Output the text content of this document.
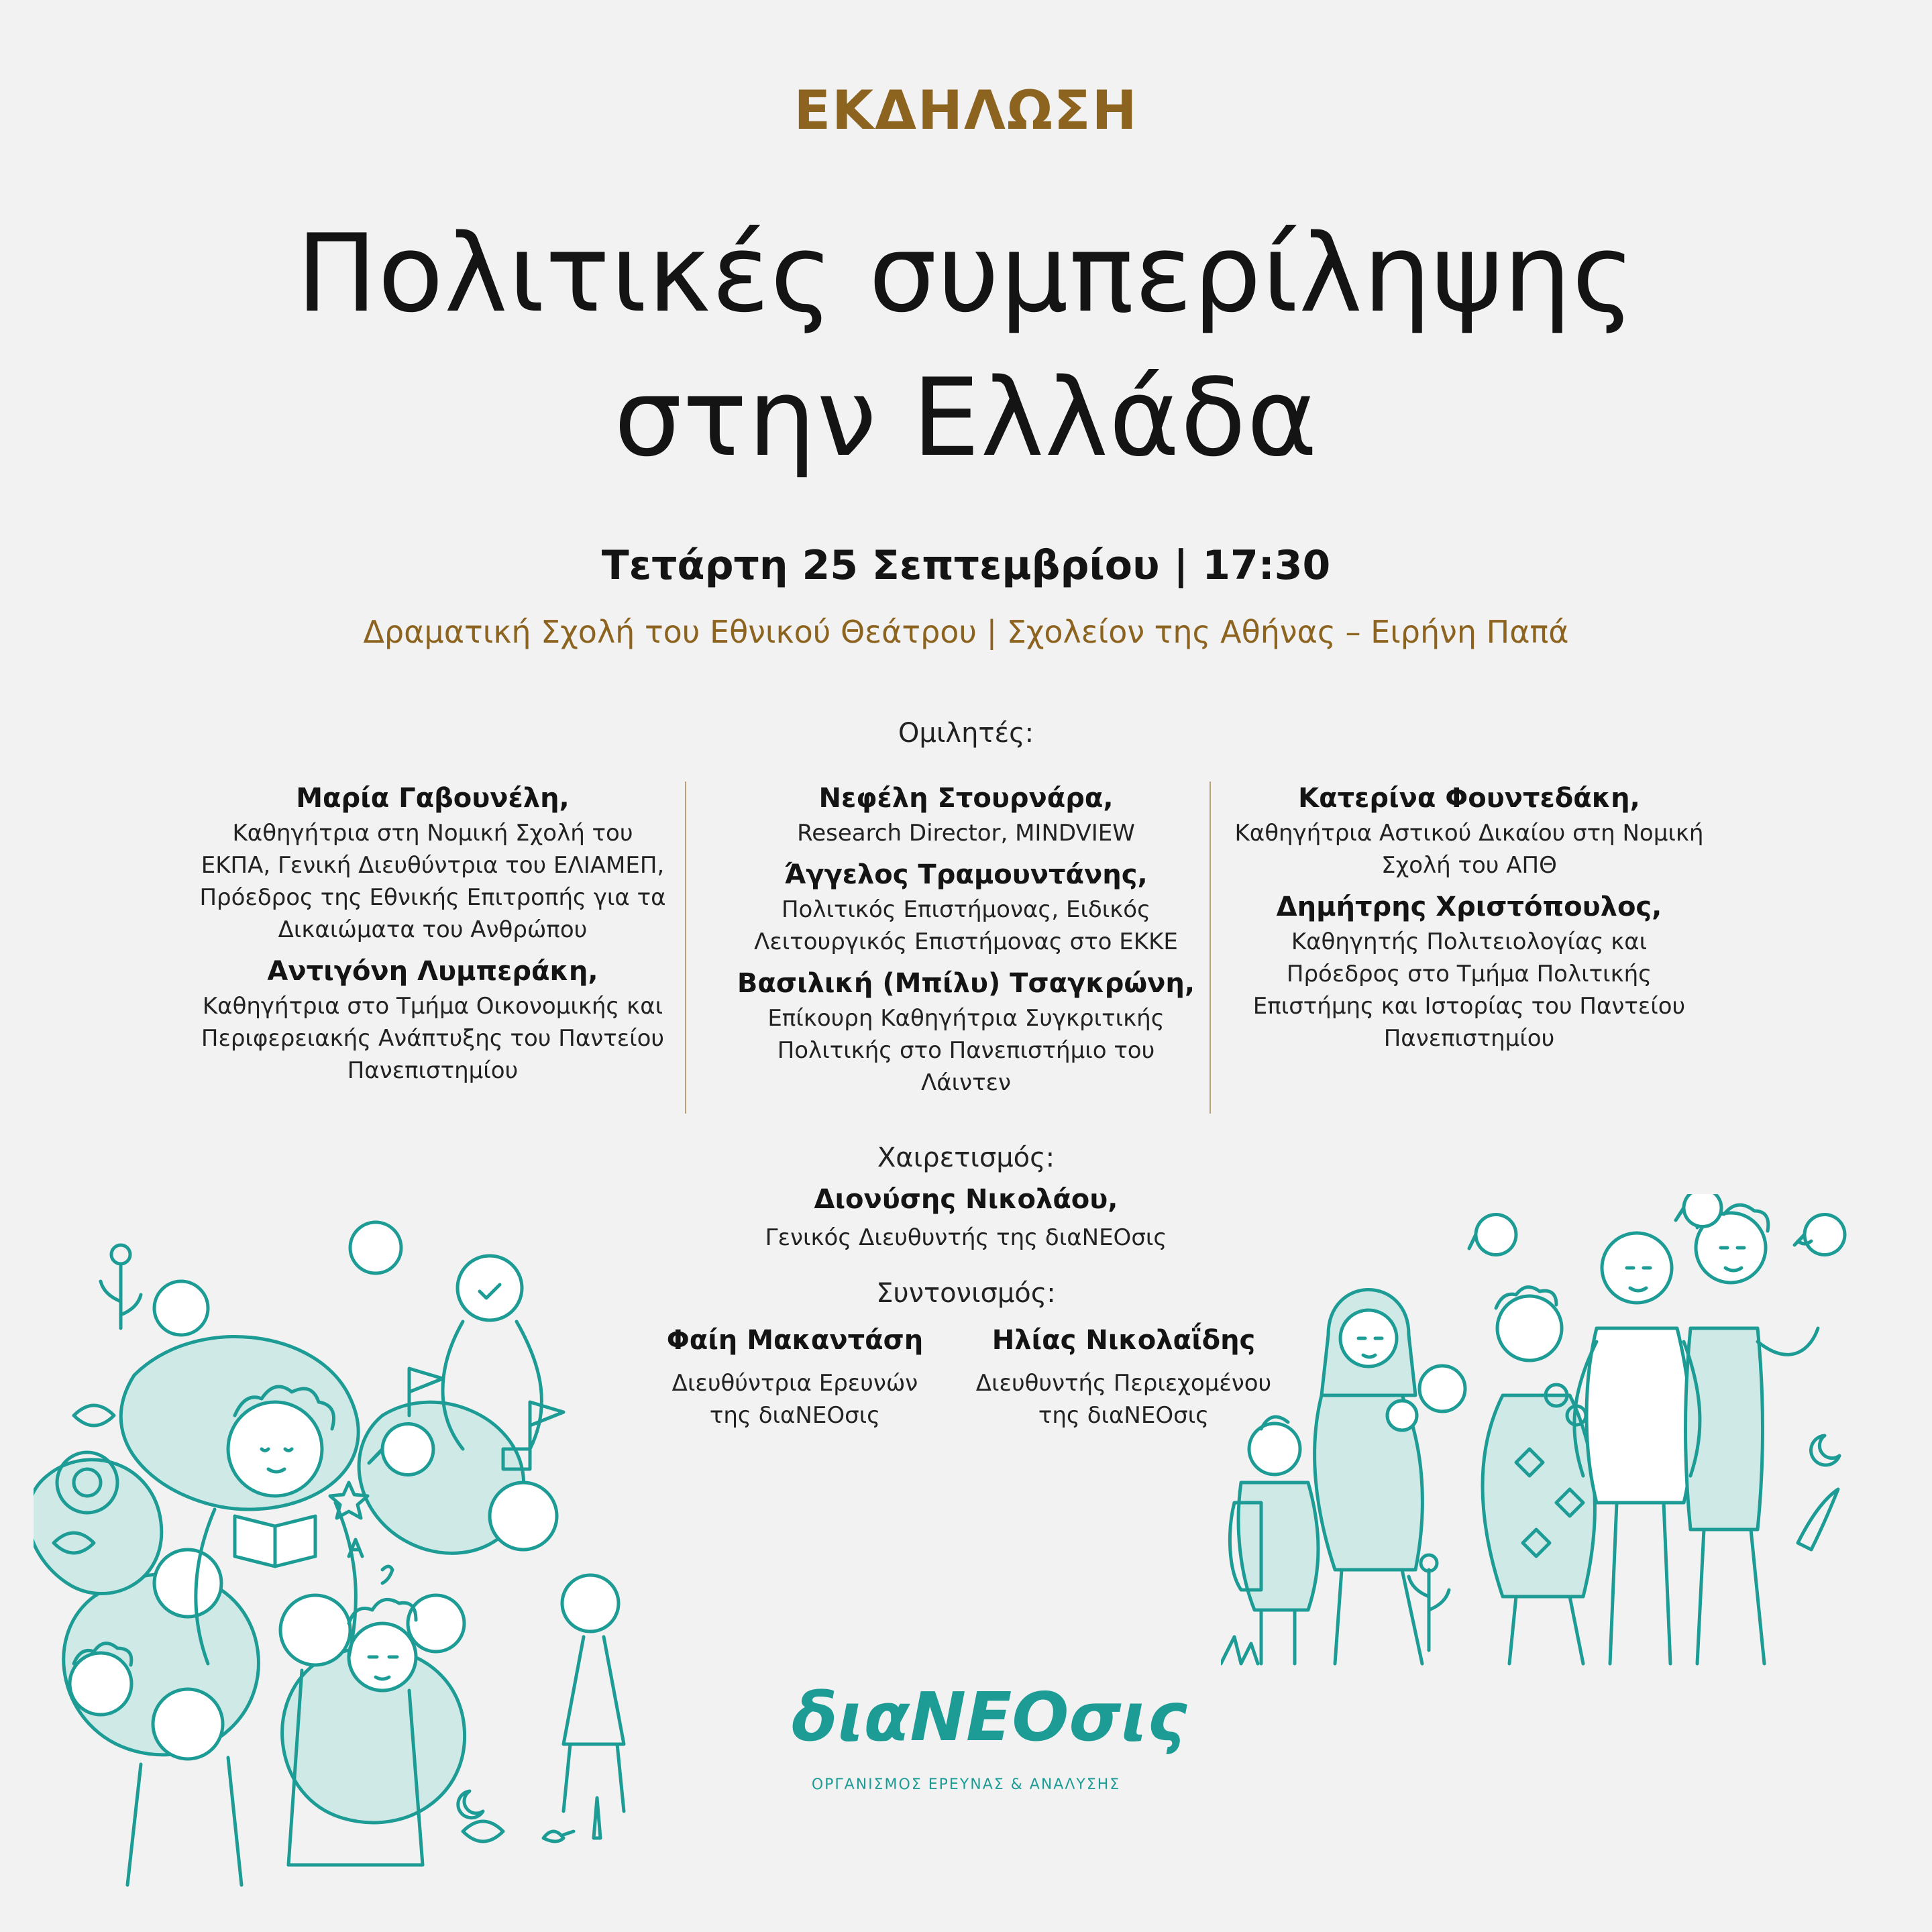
ΕΚΔΗΛΩΣΗ
Πολιτικές συμπερίληψης
στην Ελλάδα
Τετάρτη 25 Σεπτεμβρίου | 17:30
Δραματική Σχολή του Εθνικού Θεάτρου | Σχολείον της Αθήνας – Ειρήνη Παπά
Ομιλητές:
Μαρία Γαβουνέλη,
Καθηγήτρια στη Νομική Σχολή του ΕΚΠΑ, Γενική Διευθύντρια του ΕΛΙΑΜΕΠ, Πρόεδρος της Εθνικής Επιτροπής για τα Δικαιώματα του Ανθρώπου
Αντιγόνη Λυμπεράκη,
Καθηγήτρια στο Τμήμα Οικονομικής και Περιφερειακής Ανάπτυξης του Παντείου Πανεπιστημίου
Νεφέλη Στουρνάρα,
Research Director, MINDVIEW
Άγγελος Τραμουντάνης,
Πολιτικός Επιστήμονας, Ειδικός Λειτουργικός Επιστήμονας στο ΕΚΚΕ
Βασιλική (Μπίλυ) Τσαγκρώνη,
Επίκουρη Καθηγήτρια Συγκριτικής Πολιτικής στο Πανεπιστήμιο του Λάιντεν
Κατερίνα Φουντεδάκη,
Καθηγήτρια Αστικού Δικαίου στη Νομική Σχολή του ΑΠΘ
Δημήτρης Χριστόπουλος,
Καθηγητής Πολιτειολογίας και Πρόεδρος στο Τμήμα Πολιτικής Επιστήμης και Ιστορίας του Παντείου Πανεπιστημίου
Χαιρετισμός:
Διονύσης Νικολάου,
Γενικός Διευθυντής της διαΝΕΟσις
Συντονισμός:
Φαίη Μακαντάση
Διευθύντρια Ερευνών
της διαΝΕΟσις
Ηλίας Νικολαΐδης
Διευθυντής Περιεχομένου
της διαΝΕΟσις
διαΝΕΟσις
ΟΡΓΑΝΙΣΜΟΣ ΕΡΕΥΝΑΣ & ΑΝΑΛΥΣΗΣ
